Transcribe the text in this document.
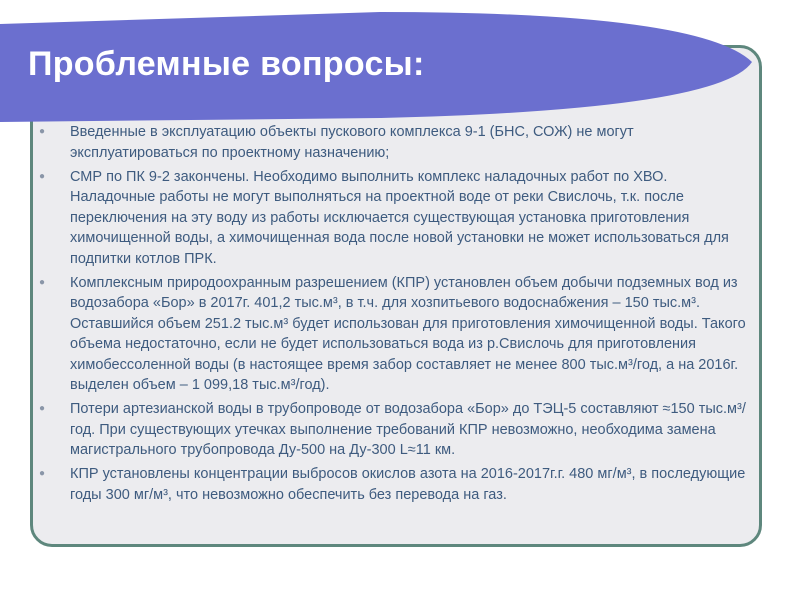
Проблемные вопросы:
● Введенные в эксплуатацию объекты пускового комплекса 9-1 (БНС, СОЖ) не могут эксплуатироваться по проектному назначению;
● СМР по ПК 9-2 закончены. Необходимо выполнить комплекс наладочных работ по ХВО. Наладочные работы не могут выполняться на проектной воде от реки Свислочь, т.к. после переключения на эту воду из работы исключается существующая установка приготовления химочищенной воды, а химочищенная вода после новой установки не может использоваться для подпитки котлов ПРК.
● Комплексным природоохранным разрешением (КПР) установлен объем добычи подземных вод из водозабора «Бор» в 2017г. 401,2 тыс.м³, в т.ч. для хозпитьевого водоснабжения – 150 тыс.м³. Оставшийся объем 251.2 тыс.м³ будет использован для приготовления химочищенной воды. Такого объема недостаточно, если не будет использоваться вода из р.Свислочь для приготовления химобессоленной воды (в настоящее время забор составляет не менее 800 тыс.м³/год, а на 2016г. выделен объем – 1 099,18 тыс.м³/год).
● Потери артезианской воды в трубопроводе от водозабора «Бор» до ТЭЦ-5 составляют ≈150 тыс.м³/год. При существующих утечках выполнение требований КПР невозможно, необходима замена магистрального трубопровода Ду-500 на Ду-300 L≈11 км.
● КПР установлены концентрации выбросов окислов азота на 2016-2017г.г. 480 мг/м³, в последующие годы 300 мг/м³, что невозможно обеспечить без перевода на газ.
